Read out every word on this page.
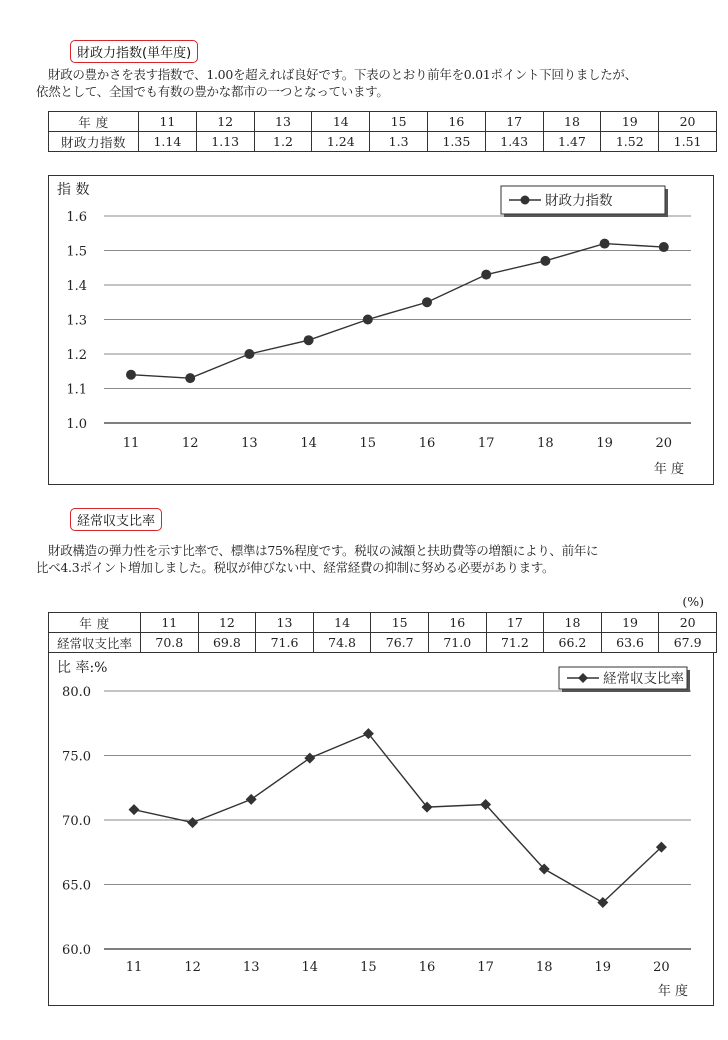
財政力指数(単年度)
財政の豊かさを表す指数で、1.00を超えれば良好です。下表のとおり前年を0.01ポイント下回りましたが、
依然として、全国でも有数の豊かな都市の一つとなっています。
年 度	11	12	13	14	15	16	17	18	19	20
財政力指数	1.14	1.13	1.2	1.24	1.3	1.35	1.43	1.47	1.52	1.51
指 数
1.0
1.1
1.2
1.3
1.4
1.5
1.6
11	12	13	14	15	16	17	18	19	20
年 度
財政力指数
経常収支比率
財政構造の弾力性を示す比率で、標準は75%程度です。税収の減額と扶助費等の増額により、前年に
比べ4.3ポイント増加しました。税収が伸びない中、経常経費の抑制に努める必要があります。
(%)
年 度	11	12	13	14	15	16	17	18	19	20
経常収支比率	70.8	69.8	71.6	74.8	76.7	71.0	71.2	66.2	63.6	67.9
比 率:%
60.0
65.0
70.0
75.0
80.0
11	12	13	14	15	16	17	18	19	20
年 度
経常収支比率
